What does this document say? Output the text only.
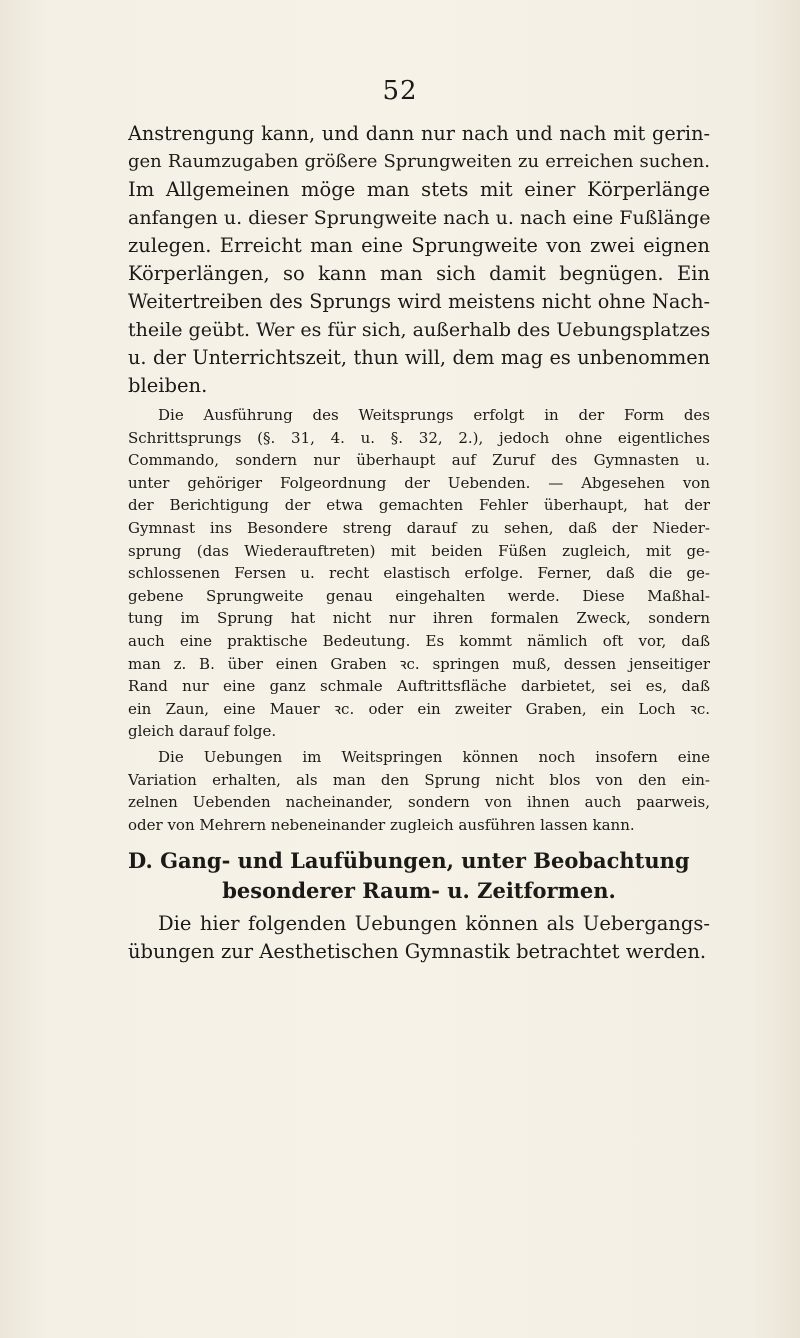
52
Anstrengung kann, und dann nur nach und nach mit gerin-
gen Raumzugaben größere Sprungweiten zu erreichen suchen.
Im Allgemeinen möge man stets mit einer Körperlänge
anfangen u. dieser Sprungweite nach u. nach eine Fußlänge
zulegen. Erreicht man eine Sprungweite von zwei eignen
Körperlängen, so kann man sich damit begnügen. Ein
Weitertreiben des Sprungs wird meistens nicht ohne Nach-
theile geübt. Wer es für sich, außerhalb des Uebungsplatzes
u. der Unterrichtszeit, thun will, dem mag es unbenommen
bleiben.
Die Ausführung des Weitsprungs erfolgt in der Form des
Schrittsprungs (§. 31, 4. u. §. 32, 2.), jedoch ohne eigentliches
Commando, sondern nur überhaupt auf Zuruf des Gymnasten u.
unter gehöriger Folgeordnung der Uebenden. — Abgesehen von
der Berichtigung der etwa gemachten Fehler überhaupt, hat der
Gymnast ins Besondere streng darauf zu sehen, daß der Nieder-
sprung (das Wiederauftreten) mit beiden Füßen zugleich, mit ge-
schlossenen Fersen u. recht elastisch erfolge. Ferner, daß die ge-
gebene Sprungweite genau eingehalten werde. Diese Maßhal-
tung im Sprung hat nicht nur ihren formalen Zweck, sondern
auch eine praktische Bedeutung. Es kommt nämlich oft vor, daß
man z. B. über einen Graben ꝛc. springen muß, dessen jenseitiger
Rand nur eine ganz schmale Auftrittsfläche darbietet, sei es, daß
ein Zaun, eine Mauer ꝛc. oder ein zweiter Graben, ein Loch ꝛc.
gleich darauf folge.
Die Uebungen im Weitspringen können noch insofern eine
Variation erhalten, als man den Sprung nicht blos von den ein-
zelnen Uebenden nacheinander, sondern von ihnen auch paarweis,
oder von Mehrern nebeneinander zugleich ausführen lassen kann.
D. Gang- und Laufübungen, unter Beobachtung
besonderer Raum- u. Zeitformen.
Die hier folgenden Uebungen können als Uebergangs-
übungen zur Aesthetischen Gymnastik betrachtet werden.
